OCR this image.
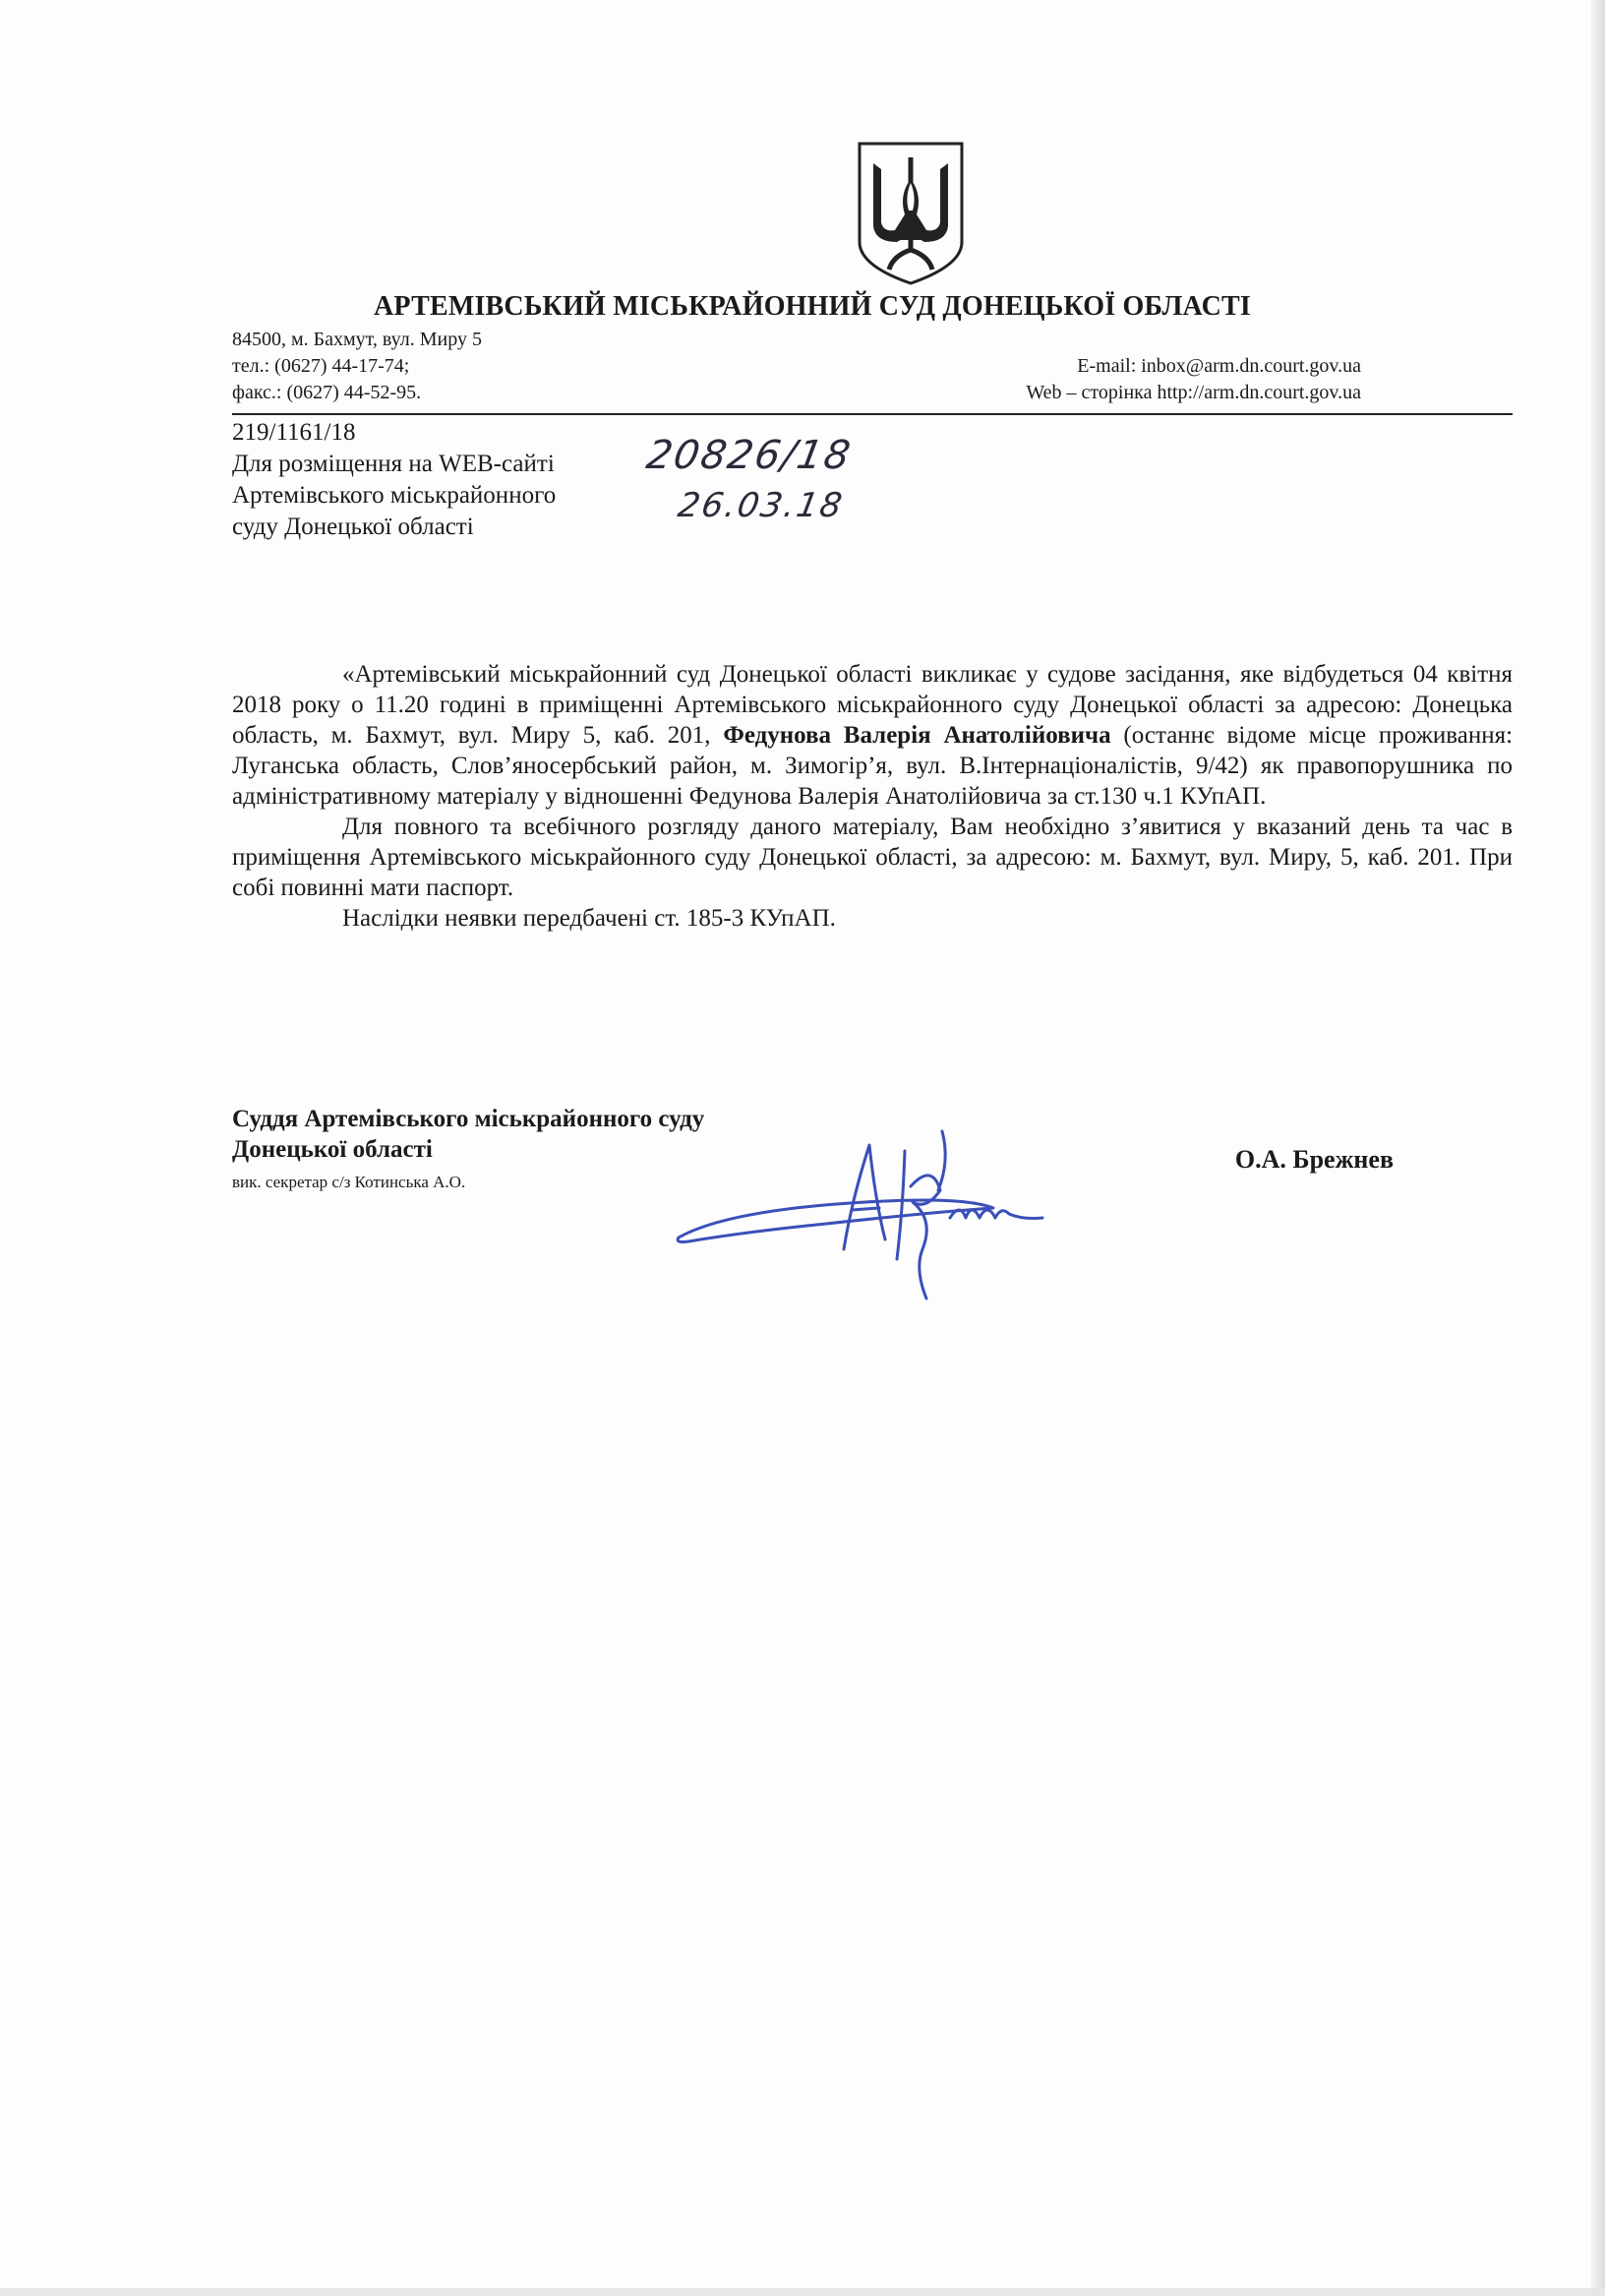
АРТЕМІВСЬКИЙ МІСЬКРАЙОННИЙ СУД ДОНЕЦЬКОЇ ОБЛАСТІ
84500, м. Бахмут, вул. Миру 5
тел.: (0627) 44-17-74;
факс.: (0627) 44-52-95.
E-mail: inbox@arm.dn.court.gov.ua
Web – сторінка http://arm.dn.court.gov.ua
219/1161/18
Для розміщення на WEB-сайті
Артемівського міськрайонного
суду Донецької області
20826/18
26.03.18

«Артемівський міськрайонний суд Донецької області викликає у судове засідання, яке відбудеться 04 квітня 2018 року о 11.20 годині в приміщенні Артемівського міськрайонного суду Донецької області за адресою: Донецька область, м. Бахмут, вул. Миру 5, каб. 201, Федунова Валерія Анатолійовича (останнє відоме місце проживання: Луганська область, Слов’яносербський район, м. Зимогір’я, вул. В.Інтернаціоналістів, 9/42) як правопорушника по адміністративному матеріалу у відношенні Федунова Валерія Анатолійовича за ст.130 ч.1 КУпАП.

Для повного та всебічного розгляду даного матеріалу, Вам необхідно з’явитися у вказаний день та час в приміщення Артемівського міськрайонного суду Донецької області, за адресою: м. Бахмут, вул. Миру, 5, каб. 201. При собі повинні мати паспорт.

Наслідки неявки передбачені ст. 185-3 КУпАП.

Суддя Артемівського міськрайонного суду
Донецької області
вик. секретар с/з Котинська А.О.
О.А. Брежнев
